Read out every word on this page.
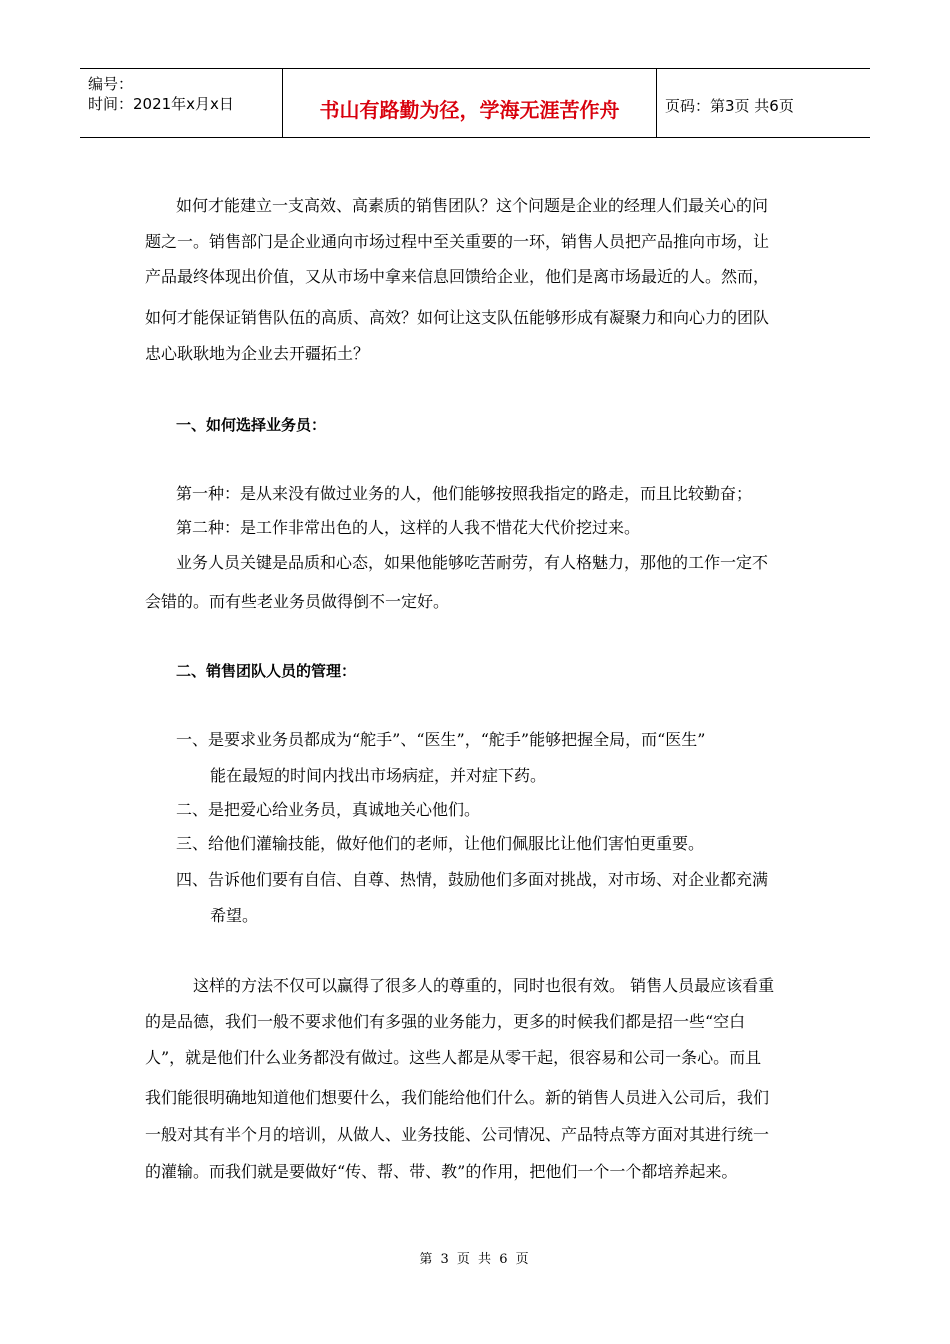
编号：
时间：2021年x月x日	书山有路勤为径，学海无涯苦作舟	页码：第3页 共6页
如何才能建立一支高效、高素质的销售团队？这个问题是企业的经理人们最关心的问
题之一。销售部门是企业通向市场过程中至关重要的一环，销售人员把产品推向市场，让
产品最终体现出价值，又从市场中拿来信息回馈给企业，他们是离市场最近的人。然而，
如何才能保证销售队伍的高质、高效？如何让这支队伍能够形成有凝聚力和向心力的团队
忠心耿耿地为企业去开疆拓土？
一、如何选择业务员：
第一种：是从来没有做过业务的人，他们能够按照我指定的路走，而且比较勤奋；
第二种：是工作非常出色的人，这样的人我不惜花大代价挖过来。
业务人员关键是品质和心态，如果他能够吃苦耐劳，有人格魅力，那他的工作一定不
会错的。而有些老业务员做得倒不一定好。
二、销售团队人员的管理：
一、是要求业务员都成为“舵手”、“医生”，“舵手”能够把握全局，而“医生”
能在最短的时间内找出市场病症，并对症下药。
二、是把爱心给业务员，真诚地关心他们。
三、给他们灌输技能，做好他们的老师，让他们佩服比让他们害怕更重要。
四、告诉他们要有自信、自尊、热情，鼓励他们多面对挑战，对市场、对企业都充满
希望。
这样的方法不仅可以赢得了很多人的尊重的，同时也很有效。 销售人员最应该看重
的是品德，我们一般不要求他们有多强的业务能力，更多的时候我们都是招一些“空白
人”，就是他们什么业务都没有做过。这些人都是从零干起，很容易和公司一条心。而且
我们能很明确地知道他们想要什么，我们能给他们什么。新的销售人员进入公司后，我们
一般对其有半个月的培训，从做人、业务技能、公司情况、产品特点等方面对其进行统一
的灌输。而我们就是要做好“传、帮、带、教”的作用，把他们一个一个都培养起来。
第 3 页 共 6 页
